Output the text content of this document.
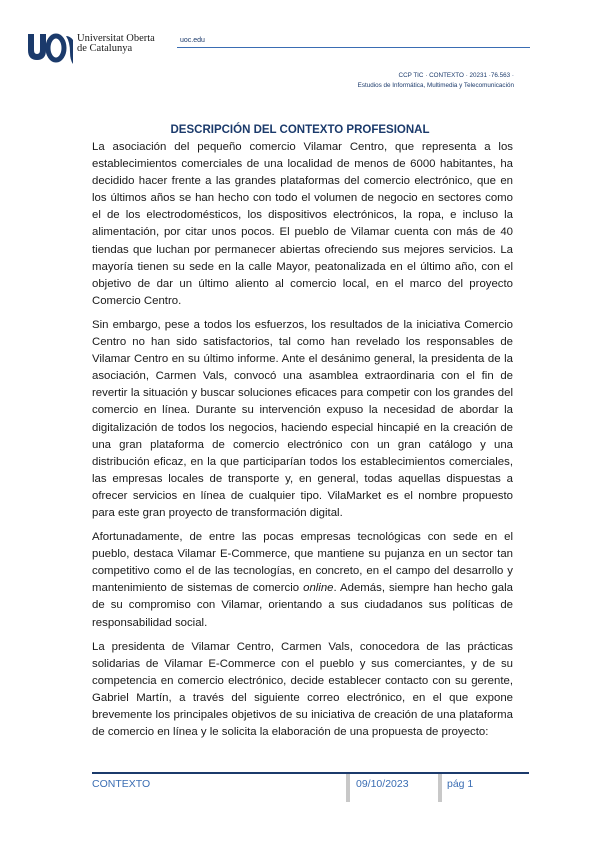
Universitat Oberta
de Catalunya
uoc.edu
CCP TIC · CONTEXTO · 20231 ·76.563 ·
Estudios de Informática, Multimedia y Telecomunicación
DESCRIPCIÓN DEL CONTEXTO PROFESIONAL

La asociación del pequeño comercio Vilamar Centro, que representa a los establecimientos comerciales de una localidad de menos de 6000 habitantes, ha decidido hacer frente a las grandes plataformas del comercio electrónico, que en los últimos años se han hecho con todo el volumen de negocio en sectores como el de los electrodomésticos, los dispositivos electrónicos, la ropa, e incluso la alimentación, por citar unos pocos. El pueblo de Vilamar cuenta con más de 40 tiendas que luchan por permanecer abiertas ofreciendo sus mejores servicios. La mayoría tienen su sede en la calle Mayor, peatonalizada en el último año, con el objetivo de dar un último aliento al comercio local, en el marco del proyecto Comercio Centro.

Sin embargo, pese a todos los esfuerzos, los resultados de la iniciativa Comercio Centro no han sido satisfactorios, tal como han revelado los responsables de Vilamar Centro en su último informe. Ante el desánimo general, la presidenta de la asociación, Carmen Vals, convocó una asamblea extraordinaria con el fin de revertir la situación y buscar soluciones eficaces para competir con los grandes del comercio en línea. Durante su intervención expuso la necesidad de abordar la digitalización de todos los negocios, haciendo especial hincapié en la creación de una gran plataforma de comercio electrónico con un gran catálogo y una distribución eficaz, en la que participarían todos los establecimientos comerciales, las empresas locales de transporte y, en general, todas aquellas dispuestas a ofrecer servicios en línea de cualquier tipo. VilaMarket es el nombre propuesto para este gran proyecto de transformación digital.

Afortunadamente, de entre las pocas empresas tecnológicas con sede en el pueblo, destaca Vilamar E-Commerce, que mantiene su pujanza en un sector tan competitivo como el de las tecnologías, en concreto, en el campo del desarrollo y mantenimiento de sistemas de comercio online. Además, siempre han hecho gala de su compromiso con Vilamar, orientando a sus ciudadanos sus políticas de responsabilidad social.

La presidenta de Vilamar Centro, Carmen Vals, conocedora de las prácticas solidarias de Vilamar E-Commerce con el pueblo y sus comerciantes, y de su competencia en comercio electrónico, decide establecer contacto con su gerente, Gabriel Martín, a través del siguiente correo electrónico, en el que expone brevemente los principales objetivos de su iniciativa de creación de una plataforma de comercio en línea y le solicita la elaboración de una propuesta de proyecto:

CONTEXTO	09/10/2023	pág 1
